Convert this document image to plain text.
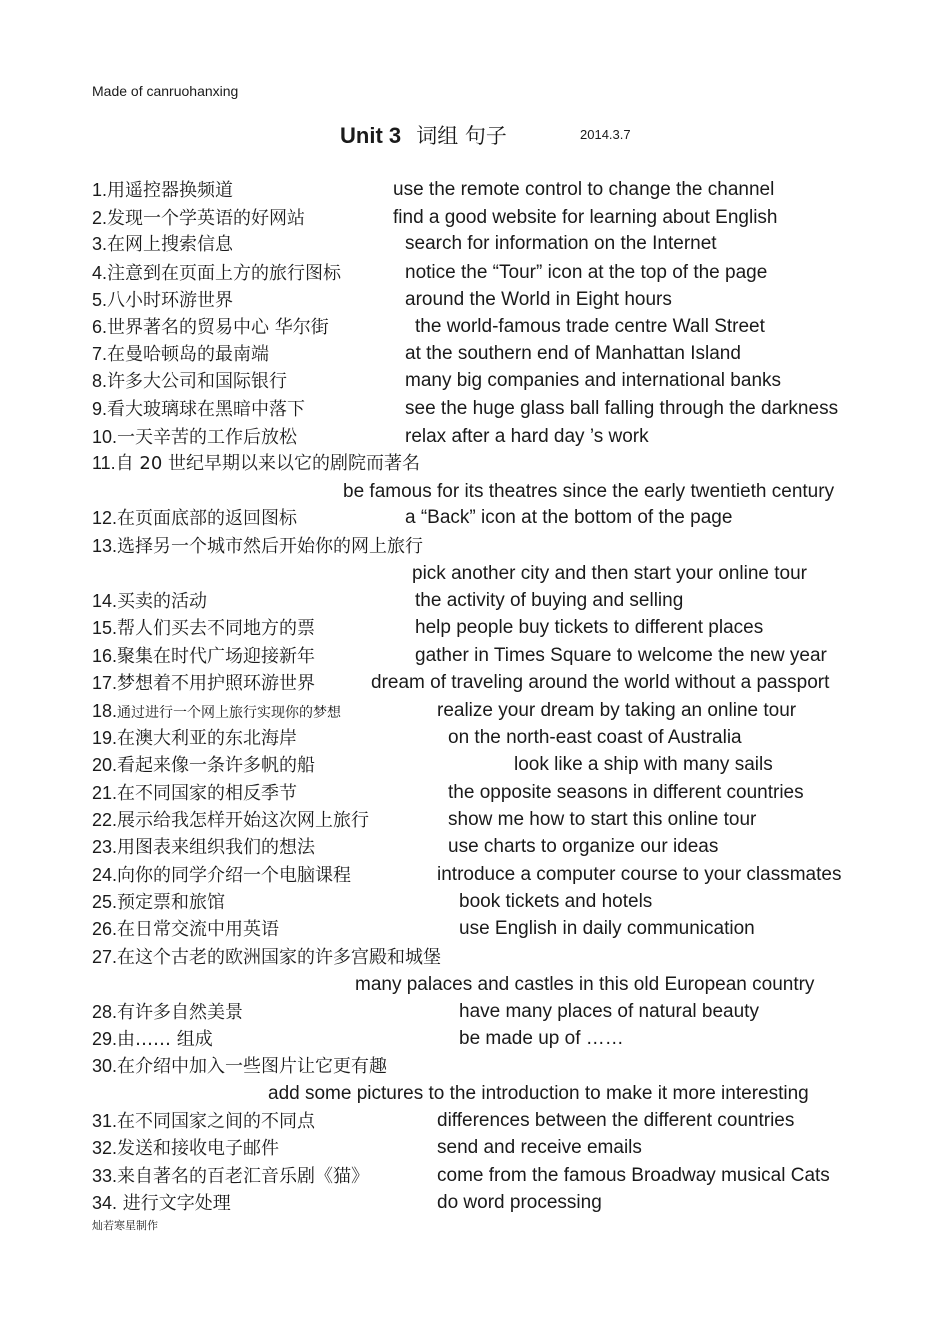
Made of canruohanxing
Unit 3 词组 句子	$^{2014.3.7}$
1.用遥控器换频道	use the remote control to change the channel
2.发现一个学英语的好网站	find a good website for learning about English
3.在网上搜索信息	search for information on the Internet
4.注意到在页面上方的旅行图标	notice the “Tour” icon at the top of the page
5.八小时环游世界	around the World in Eight hours
6.世界著名的贸易中心 华尔街	the world-famous trade centre Wall Street
7.在曼哈顿岛的最南端	at the southern end of Manhattan Island
8.许多大公司和国际银行	many big companies and international banks
9.看大玻璃球在黑暗中落下	see the huge glass ball falling through the darkness
10.一天辛苦的工作后放松	relax after a hard day ’s work
11.自 20 世纪早期以来以它的剧院而著名
be famous for its theatres since the early twentieth century
12.在页面底部的返回图标	a “Back” icon at the bottom of the page
13.选择另一个城市然后开始你的网上旅行
pick another city and then start your online tour
14.买卖的活动	the activity of buying and selling
15.帮人们买去不同地方的票	help people buy tickets to different places
16.聚集在时代广场迎接新年	gather in Times Square to welcome the new year
17.梦想着不用护照环游世界	dream of traveling around the world without a passport
18.通过进行一个网上旅行实现你的梦想	realize your dream by taking an online tour
19.在澳大利亚的东北海岸	on the north-east coast of Australia
20.看起来像一条许多帆的船	look like a ship with many sails
21.在不同国家的相反季节	the opposite seasons in different countries
22.展示给我怎样开始这次网上旅行	show me how to start this online tour
23.用图表来组织我们的想法	use charts to organize our ideas
24.向你的同学介绍一个电脑课程	introduce a computer course to your classmates
25.预定票和旅馆	book tickets and hotels
26.在日常交流中用英语	use English in daily communication
27.在这个古老的欧洲国家的许多宫殿和城堡
many palaces and castles in this old European country
28.有许多自然美景	have many places of natural beauty
29.由…… 组成	be made up of ……
30.在介绍中加入一些图片让它更有趣
add some pictures to the introduction to make it more interesting
31.在不同国家之间的不同点	differences between the different countries
32.发送和接收电子邮件	send and receive emails
33.来自著名的百老汇音乐剧《猫》	come from the famous Broadway musical Cats
34. 进行文字处理	do word processing
灿若寒星制作
